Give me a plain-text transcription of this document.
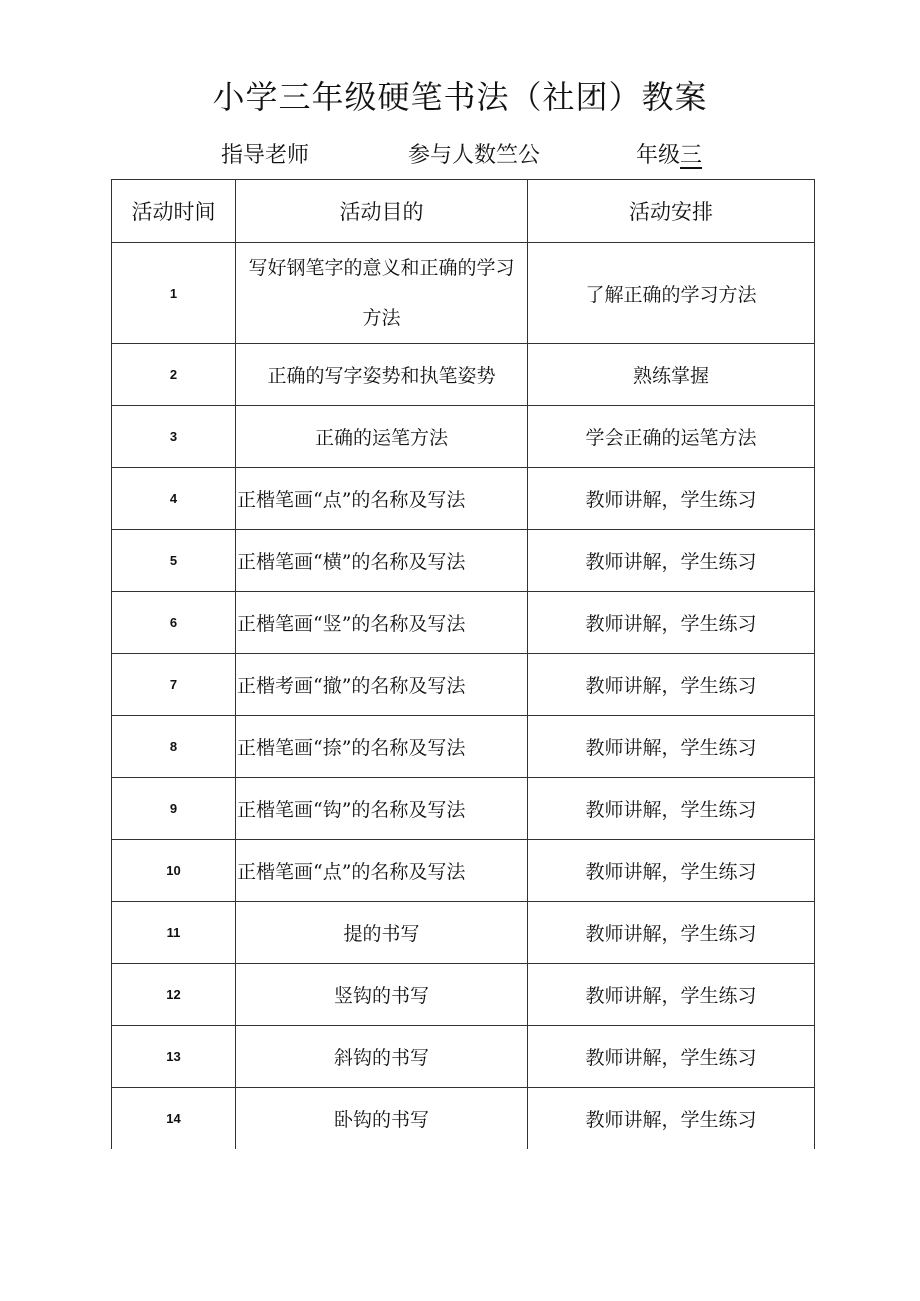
小学三年级硬笔书法（社团）教案
指导老师	参与人数竺公	年级三
活动时间	活动目的	活动安排
1	写好钢笔字的意义和正确的学习方法	了解正确的学习方法
2	正确的写字姿势和执笔姿势	熟练掌握
3	正确的运笔方法	学会正确的运笔方法
4	正楷笔画“点”的名称及写法	教师讲解，学生练习
5	正楷笔画“横”的名称及写法	教师讲解，学生练习
6	正楷笔画“竖”的名称及写法	教师讲解，学生练习
7	正楷考画“撤”的名称及写法	教师讲解，学生练习
8	正楷笔画“捺”的名称及写法	教师讲解，学生练习
9	正楷笔画“钩”的名称及写法	教师讲解，学生练习
10	正楷笔画“点”的名称及写法	教师讲解，学生练习
11	提的书写	教师讲解，学生练习
12	竖钩的书写	教师讲解，学生练习
13	斜钩的书写	教师讲解，学生练习
14	卧钩的书写	教师讲解，学生练习
